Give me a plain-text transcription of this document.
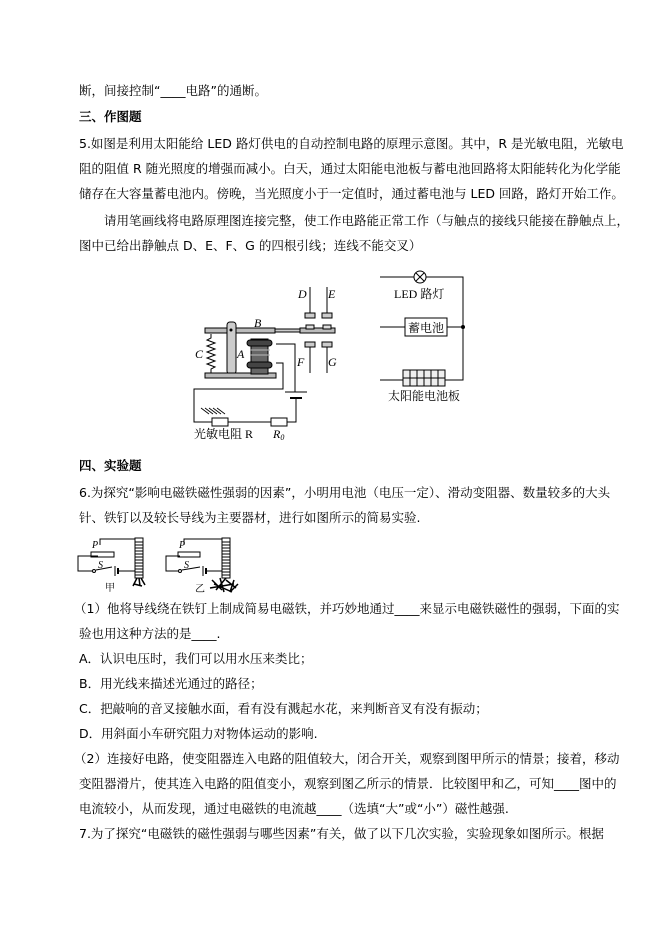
断，间接控制“____电路”的通断。
三、作图题
5.如图是利用太阳能给 LED 路灯供电的自动控制电路的原理示意图。其中，R 是光敏电阻，光敏电
阻的阻值 R 随光照度的增强而减小。白天，通过太阳能电池板与蓄电池回路将太阳能转化为化学能
储存在大容量蓄电池内。傍晚，当光照度小于一定值时，通过蓄电池与 LED 回路，路灯开始工作。
请用笔画线将电路原理图连接完整，使工作电路能正常工作（与触点的接线只能接在静触点上，
图中已给出静触点 D、E、F、G 的四根引线；连线不能交叉）
D E
F G
A
B
C
R0
LED 路灯
蓄电池
太阳能电池板
光敏电阻 R
P
S
P
S
甲	乙
四、实验题
6.为探究“影响电磁铁磁性强弱的因素”，小明用电池（电压一定）、滑动变阻器、数量较多的大头
针、铁钉以及较长导线为主要器材，进行如图所示的简易实验.
（1）他将导线绕在铁钉上制成简易电磁铁，并巧妙地通过____来显示电磁铁磁性的强弱，下面的实
验也用这种方法的是____.
A．认识电压时，我们可以用水压来类比；
B．用光线来描述光通过的路径；
C．把敲响的音叉接触水面，看有没有溅起水花，来判断音叉有没有振动；
D．用斜面小车研究阻力对物体运动的影响.
（2）连接好电路，使变阻器连入电路的阻值较大，闭合开关，观察到图甲所示的情景；接着，移动
变阻器滑片，使其连入电路的阻值变小，观察到图乙所示的情景．比较图甲和乙，可知____图中的
电流较小，从而发现，通过电磁铁的电流越____（选填“大”或“小”）磁性越强.
7.为了探究“电磁铁的磁性强弱与哪些因素”有关，做了以下几次实验，实验现象如图所示。根据
